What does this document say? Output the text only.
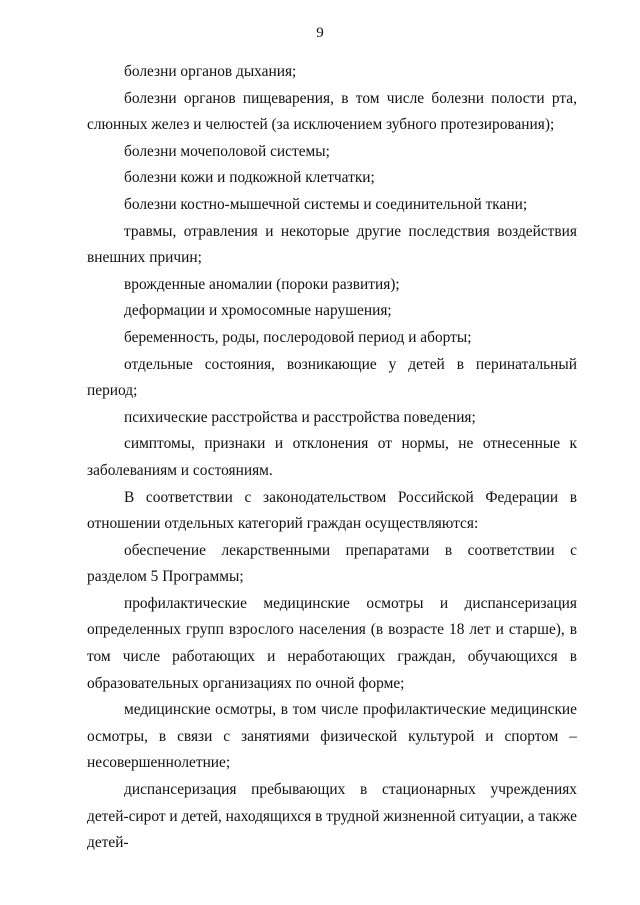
9

болезни органов дыхания;

болезни органов пищеварения, в том числе болезни полости рта, слюнных желез и челюстей (за исключением зубного протезирования);

болезни мочеполовой системы;

болезни кожи и подкожной клетчатки;

болезни костно-мышечной системы и соединительной ткани;

травмы, отравления и некоторые другие последствия воздействия внешних причин;

врожденные аномалии (пороки развития);

деформации и хромосомные нарушения;

беременность, роды, послеродовой период и аборты;

отдельные состояния, возникающие у детей в перинатальный период;

психические расстройства и расстройства поведения;

симптомы, признаки и отклонения от нормы, не отнесенные к заболеваниям и состояниям.

В соответствии с законодательством Российской Федерации в отношении отдельных категорий граждан осуществляются:

обеспечение лекарственными препаратами в соответствии с разделом 5 Программы;

профилактические медицинские осмотры и диспансеризация определенных групп взрослого населения (в возрасте 18 лет и старше), в том числе работающих и неработающих граждан, обучающихся в образовательных организациях по очной форме;

медицинские осмотры, в том числе профилактические медицинские осмотры, в связи с занятиями физической культурой и спортом – несовершеннолетние;

диспансеризация пребывающих в стационарных учреждениях детей-сирот и детей, находящихся в трудной жизненной ситуации, а также детей-
